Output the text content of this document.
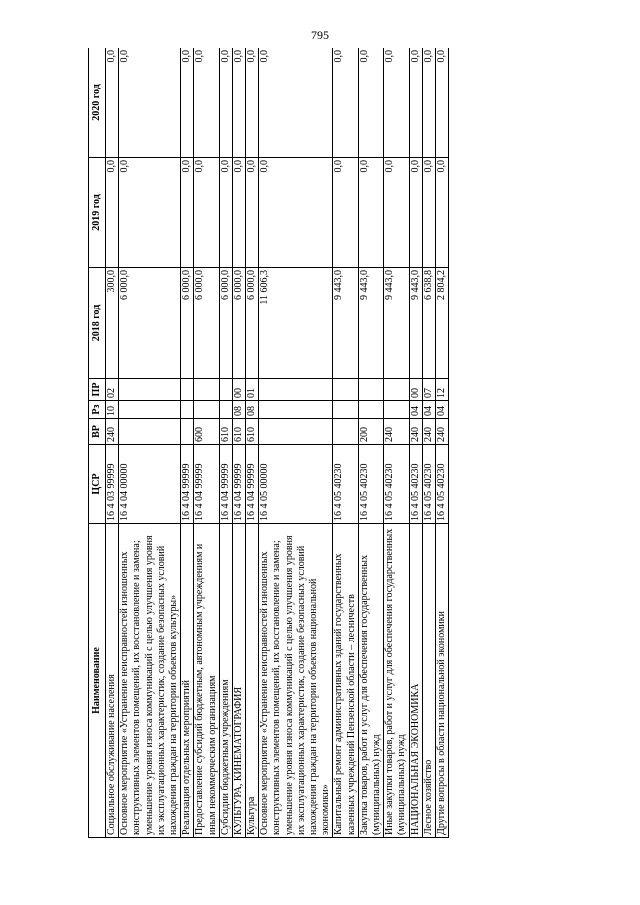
795
Наименование	ЦСР	ВР	Рз	ПР	2018 год	2019 год	2020 год
Социальное обслуживание населения	16 4 03 99999	240	10	02	300,0	0,0	0,0
Основное мероприятие «Устранение неисправностей изношенных конструктивных элементов помещений, их восстановление и замена; уменьшение уровня износа коммуникаций с целью улучшения уровня их эксплуатационных характеристик, создание безопасных условий нахождения граждан на территории объектов культуры»	16 4 04 00000				6 000,0	0,0	0,0
Реализация отдельных мероприятий	16 4 04 99999				6 000,0	0,0	0,0
Предоставление субсидий бюджетным, автономным учреждениям и иным некоммерческим организациям	16 4 04 99999	600			6 000,0	0,0	0,0
Субсидии бюджетным учреждениям	16 4 04 99999	610			6 000,0	0,0	0,0
КУЛЬТУРА, КИНЕМАТОГРАФИЯ	16 4 04 99999	610	08	00	6 000,0	0,0	0,0
Культура	16 4 04 99999	610	08	01	6 000,0	0,0	0,0
Основное мероприятие «Устранение неисправностей изношенных конструктивных элементов помещений, их восстановление и замена; уменьшение уровня износа коммуникаций с целью улучшения уровня их эксплуатационных характеристик, создание безопасных условий нахождения граждан на территории объектов национальной экономики»	16 4 05 00000				11 606,3	0,0	0,0
Капитальный ремонт административных зданий государственных казенных учреждений Пензенской области – лесничеств	16 4 05 40230				9 443,0	0,0	0,0
Закупка товаров, работ и услуг для обеспечения государственных (муниципальных) нужд	16 4 05 40230	200			9 443,0	0,0	0,0
Иные закупки товаров, работ и услуг для обеспечения государственных (муниципальных) нужд	16 4 05 40230	240			9 443,0	0,0	0,0
НАЦИОНАЛЬНАЯ ЭКОНОМИКА	16 4 05 40230	240	04	00	9 443,0	0,0	0,0
Лесное хозяйство	16 4 05 40230	240	04	07	6 638,8	0,0	0,0
Другие вопросы в области национальной экономики	16 4 05 40230	240	04	12	2 804,2	0,0	0,0
